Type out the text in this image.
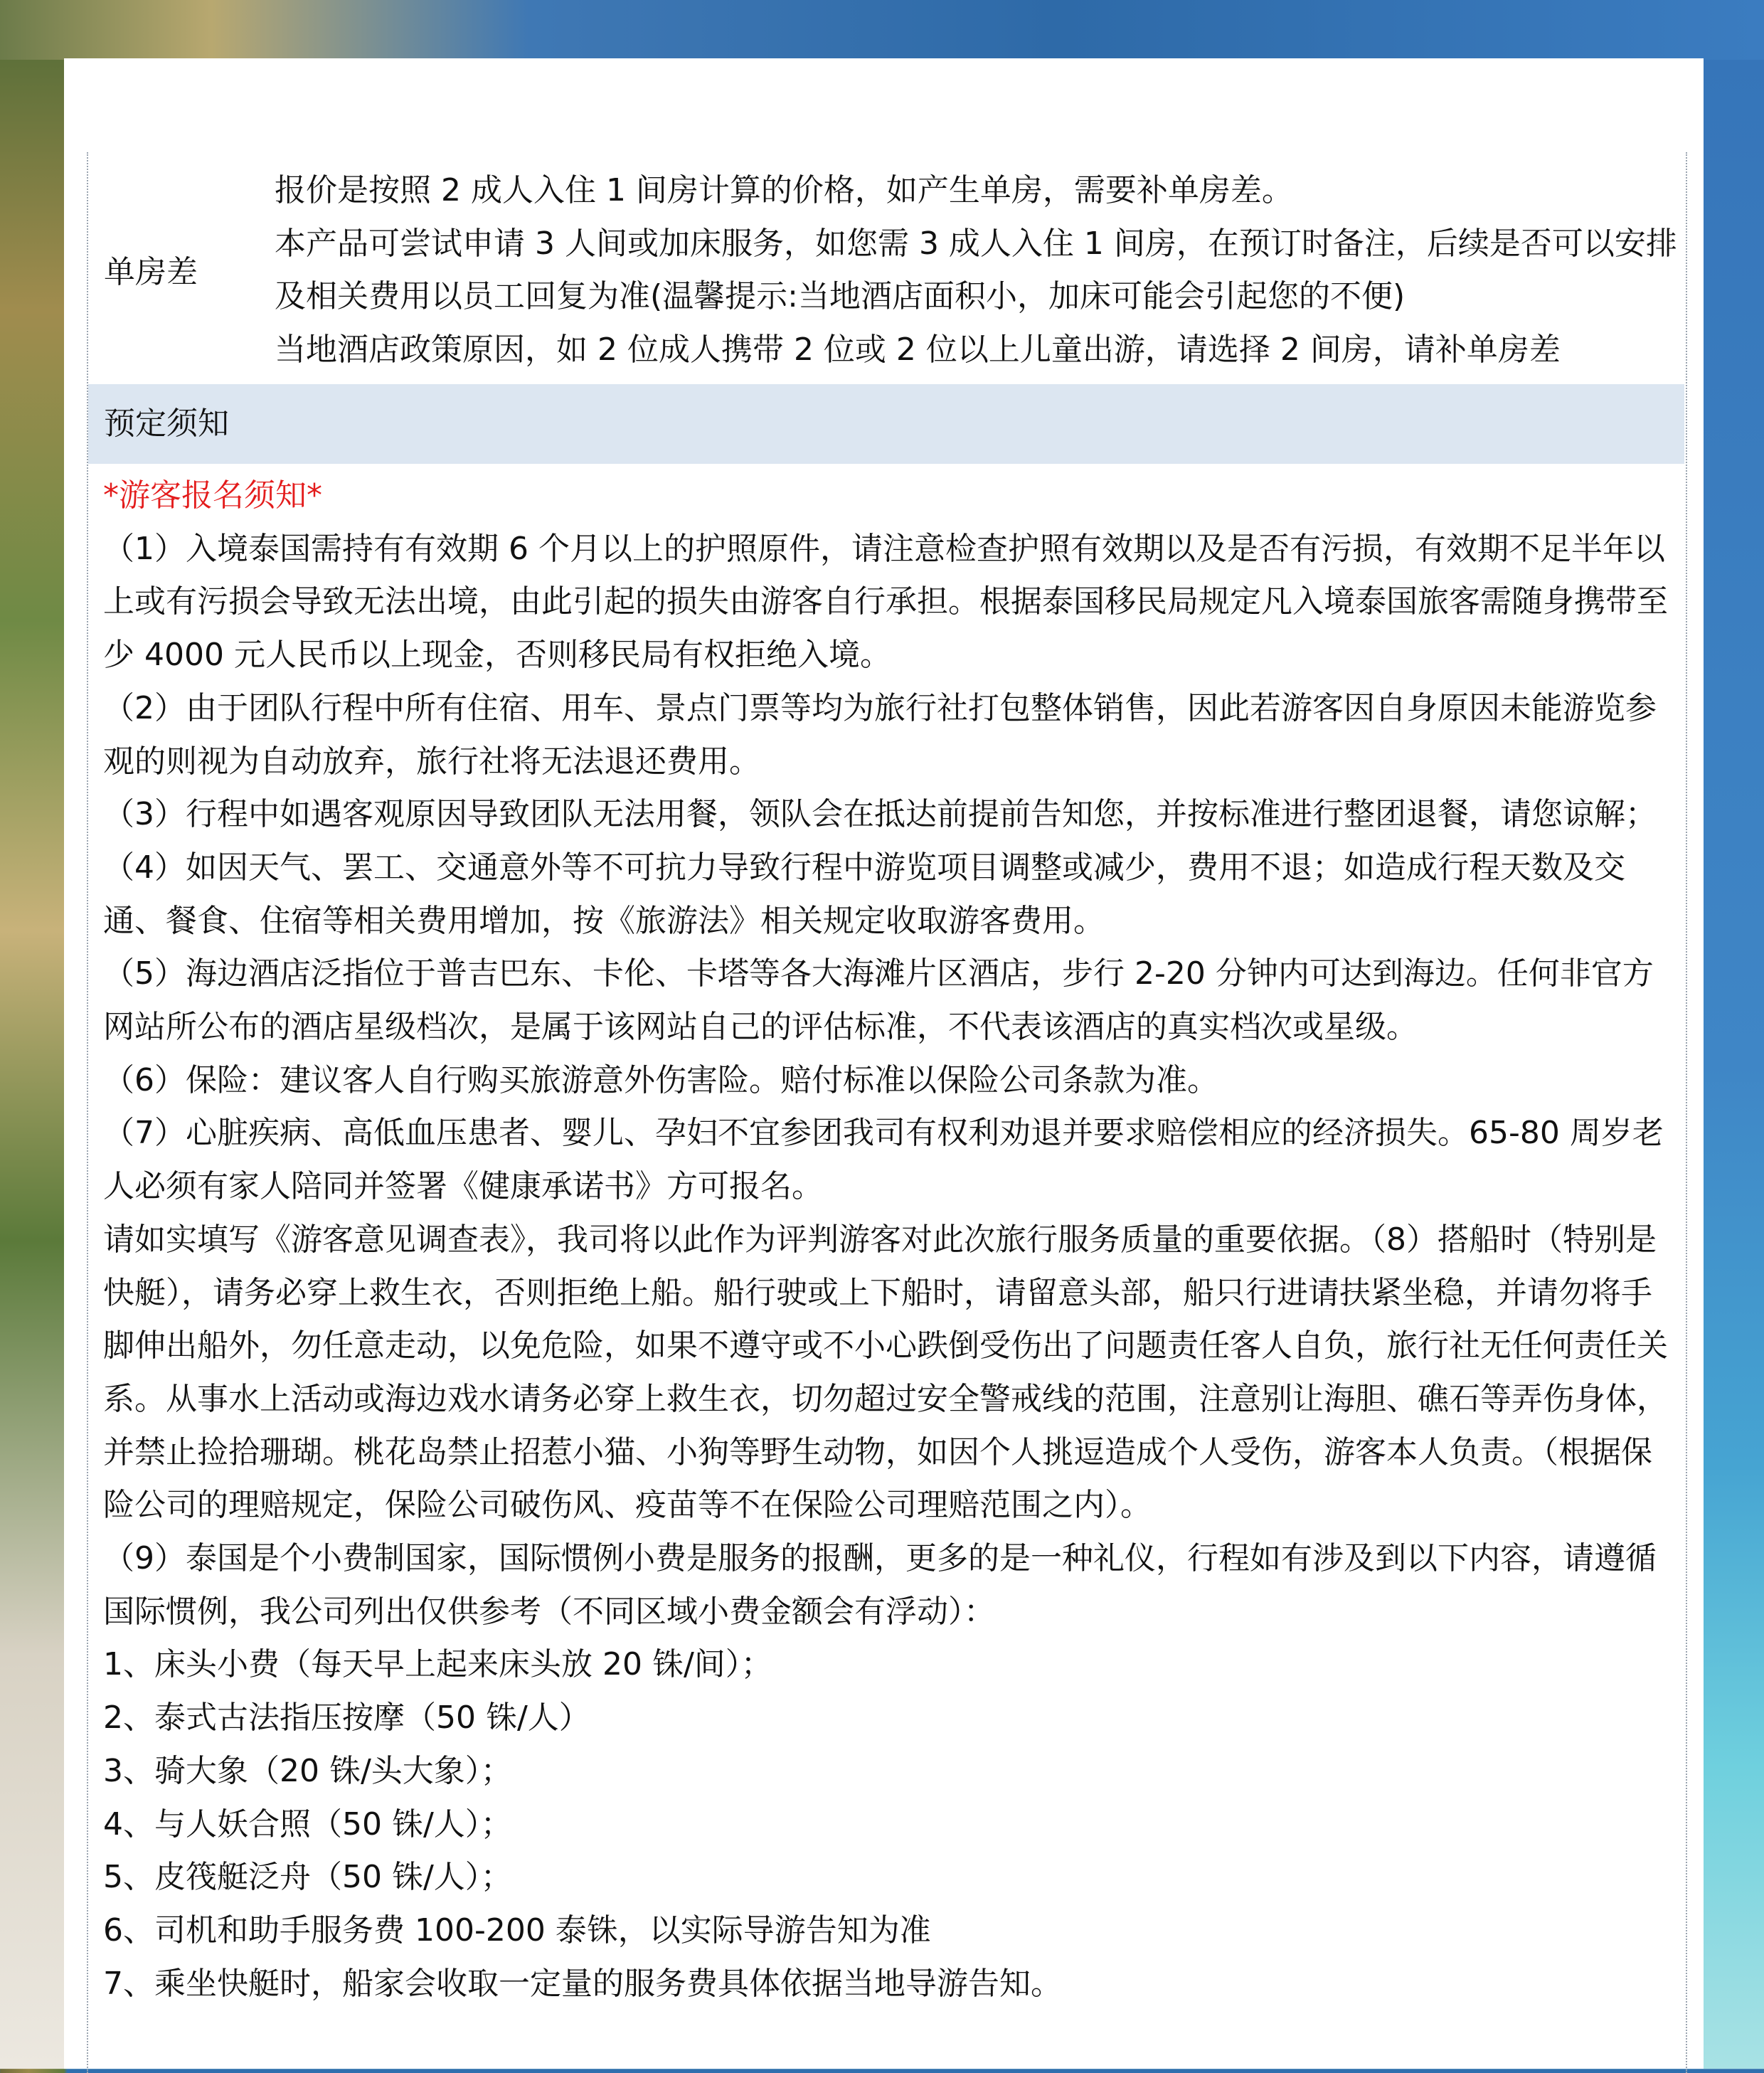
单房差
报价是按照 2 成人入住 1 间房计算的价格，如产生单房，需要补单房差。
本产品可尝试申请 3 人间或加床服务，如您需 3 成人入住 1 间房，在预订时备注，后续是否可以安排及相关费用以员工回复为准(温馨提示:当地酒店面积小，加床可能会引起您的不便)
当地酒店政策原因，如 2 位成人携带 2 位或 2 位以上儿童出游，请选择 2 间房，请补单房差
预定须知

*游客报名须知*

（1）入境泰国需持有有效期 6 个月以上的护照原件，请注意检查护照有效期以及是否有污损，有效期不足半年以上或有污损会导致无法出境，由此引起的损失由游客自行承担。根据泰国移民局规定凡入境泰国旅客需随身携带至少 4000 元人民币以上现金，否则移民局有权拒绝入境。

（2）由于团队行程中所有住宿、用车、景点门票等均为旅行社打包整体销售，因此若游客因自身原因未能游览参观的则视为自动放弃，旅行社将无法退还费用。

（3）行程中如遇客观原因导致团队无法用餐，领队会在抵达前提前告知您，并按标准进行整团退餐，请您谅解；

（4）如因天气、罢工、交通意外等不可抗力导致行程中游览项目调整或减少，费用不退；如造成行程天数及交通、餐食、住宿等相关费用增加，按《旅游法》相关规定收取游客费用。

（5）海边酒店泛指位于普吉巴东、卡伦、卡塔等各大海滩片区酒店，步行 2-20 分钟内可达到海边。任何非官方网站所公布的酒店星级档次，是属于该网站自己的评估标准，不代表该酒店的真实档次或星级。

（6）保险：建议客人自行购买旅游意外伤害险。赔付标准以保险公司条款为准。

（7）心脏疾病、高低血压患者、婴儿、孕妇不宜参团我司有权利劝退并要求赔偿相应的经济损失。65-80 周岁老人必须有家人陪同并签署《健康承诺书》方可报名。

请如实填写《游客意见调查表》，我司将以此作为评判游客对此次旅行服务质量的重要依据。（8）搭船时（特别是快艇），请务必穿上救生衣，否则拒绝上船。船行驶或上下船时，请留意头部，船只行进请扶紧坐稳，并请勿将手脚伸出船外，勿任意走动，以免危险，如果不遵守或不小心跌倒受伤出了问题责任客人自负，旅行社无任何责任关系。从事水上活动或海边戏水请务必穿上救生衣，切勿超过安全警戒线的范围，注意别让海胆、礁石等弄伤身体，并禁止捡拾珊瑚。桃花岛禁止招惹小猫、小狗等野生动物，如因个人挑逗造成个人受伤，游客本人负责。（根据保险公司的理赔规定，保险公司破伤风、疫苗等不在保险公司理赔范围之内）。

（9）泰国是个小费制国家，国际惯例小费是服务的报酬，更多的是一种礼仪，行程如有涉及到以下内容，请遵循国际惯例，我公司列出仅供参考（不同区域小费金额会有浮动）：

1、床头小费（每天早上起来床头放 20 铢/间）；

2、泰式古法指压按摩（50 铢/人）

3、骑大象（20 铢/头大象）；

4、与人妖合照（50 铢/人）；

5、皮筏艇泛舟（50 铢/人）；

6、司机和助手服务费 100-200 泰铢，以实际导游告知为准

7、乘坐快艇时，船家会收取一定量的服务费具体依据当地导游告知。
